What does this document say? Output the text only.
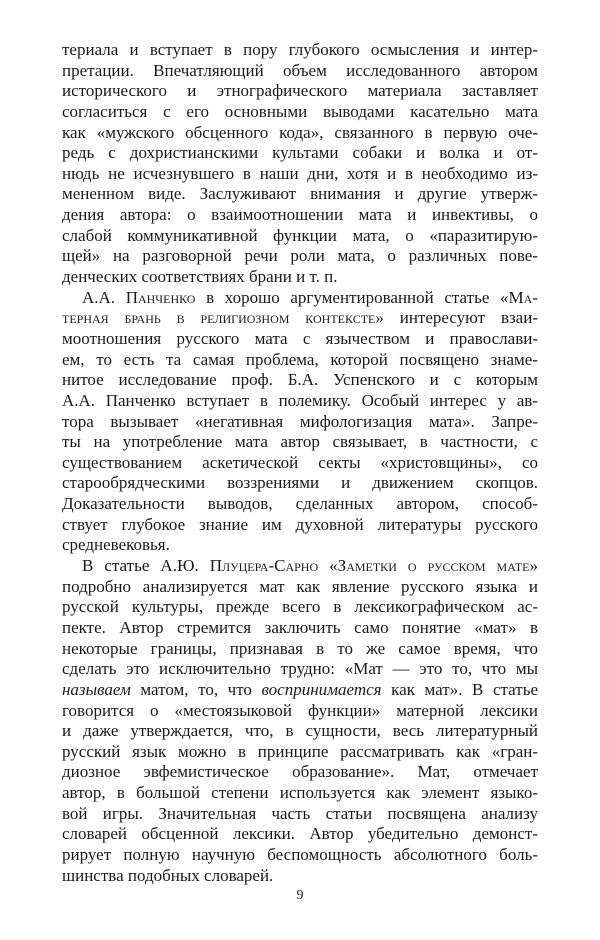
териала и вступает в пору глубокого осмысления и интер-
претации. Впечатляющий объем исследованного автором
исторического и этнографического материала заставляет
согласиться с его основными выводами касательно мата
как «мужского обсценного кода», связанного в первую оче-
редь с дохристианскими культами собаки и волка и от-
нюдь не исчезнувшего в наши дни, хотя и в необходимо из-
мененном виде. Заслуживают внимания и другие утверж-
дения автора: о взаимоотношении мата и инвективы, о
слабой коммуникативной функции мата, о «паразитирую-
щей» на разговорной речи роли мата, о различных пове-
денческих соответствиях брани и т. п.
А.А. Панченко в хорошо аргументированной статье «Ма-
терная брань в религиозном контексте» интересуют взаи-
моотношения русского мата с язычеством и православи-
ем, то есть та самая проблема, которой посвящено знаме-
нитое исследование проф. Б.А. Успенского и с которым
А.А. Панченко вступает в полемику. Особый интерес у ав-
тора вызывает «негативная мифологизация мата». Запре-
ты на употребление мата автор связывает, в частности, с
существованием аскетической секты «христовщины», со
старообрядческими воззрениями и движением скопцов.
Доказательности выводов, сделанных автором, способ-
ствует глубокое знание им духовной литературы русского
средневековья.
В статье А.Ю. Плуцера-Сарно «Заметки о русском мате»
подробно анализируется мат как явление русского языка и
русской культуры, прежде всего в лексикографическом ас-
пекте. Автор стремится заключить само понятие «мат» в
некоторые границы, признавая в то же самое время, что
сделать это исключительно трудно: «Мат — это то, что мы
называем матом, то, что воспринимается как мат». В статье
говорится о «местоязыковой функции» матерной лексики
и даже утверждается, что, в сущности, весь литературный
русский язык можно в принципе рассматривать как «гран-
диозное эвфемистическое образование». Мат, отмечает
автор, в большой степени используется как элемент языко-
вой игры. Значительная часть статьи посвящена анализу
словарей обсценной лексики. Автор убедительно демонст-
рирует полную научную беспомощность абсолютного боль-
шинства подобных словарей.
9
